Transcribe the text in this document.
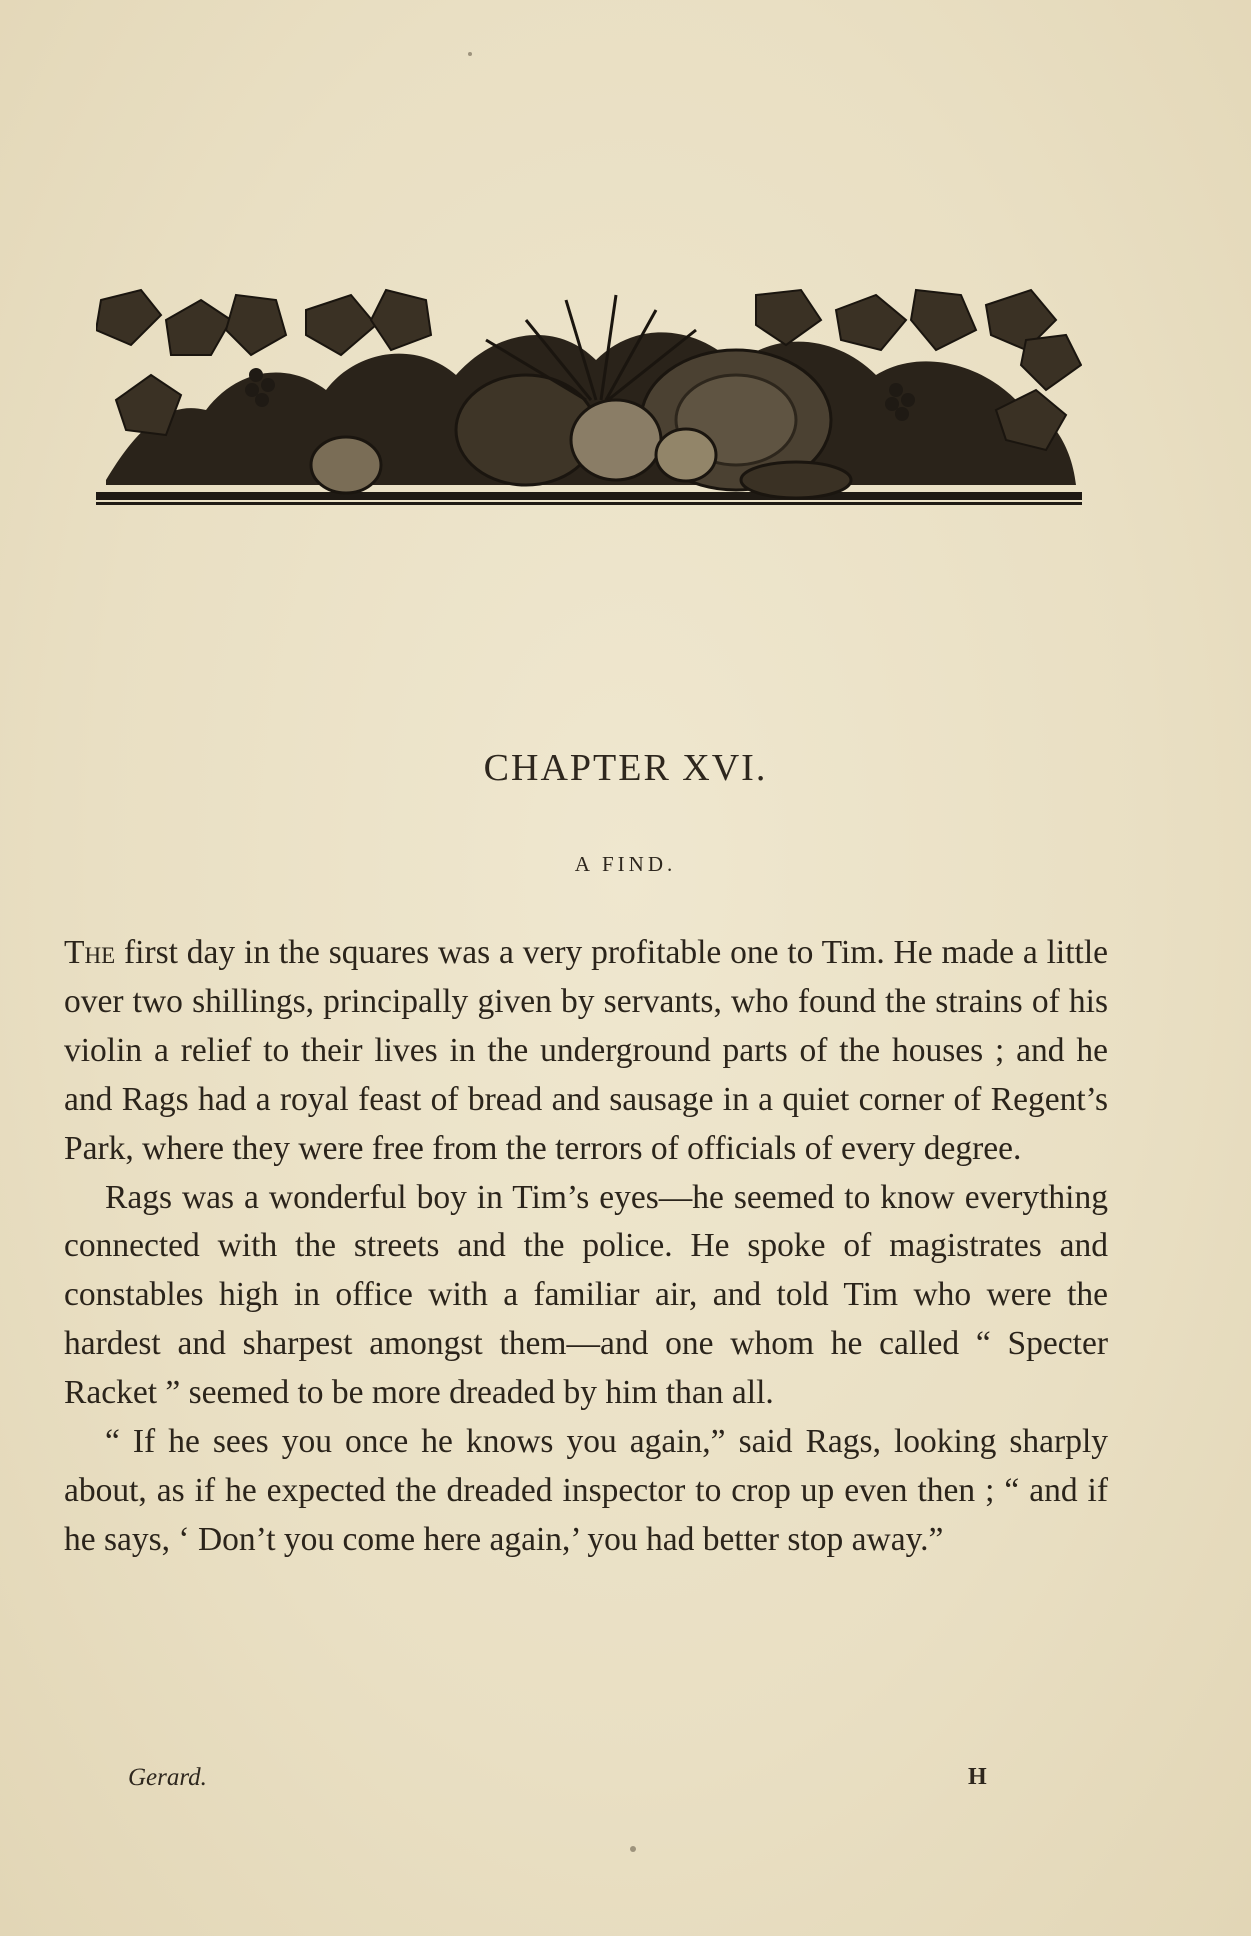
CHAPTER XVI.
A FIND.

The first day in the squares was a very profitable one to Tim. He made a little over two shillings, principally given by servants, who found the strains of his violin a relief to their lives in the underground parts of the houses ; and he and Rags had a royal feast of bread and sausage in a quiet corner of Regent’s Park, where they were free from the terrors of officials of every degree.

Rags was a wonderful boy in Tim’s eyes—he seemed to know everything connected with the streets and the police. He spoke of magistrates and constables high in office with a familiar air, and told Tim who were the hardest and sharpest amongst them—and one whom he called “ Specter Racket ” seemed to be more dreaded by him than all.

“ If he sees you once he knows you again,” said Rags, looking sharply about, as if he expected the dreaded inspector to crop up even then ; “ and if he says, ‘ Don’t you come here again,’ you had better stop away.”

Gerard.	H
